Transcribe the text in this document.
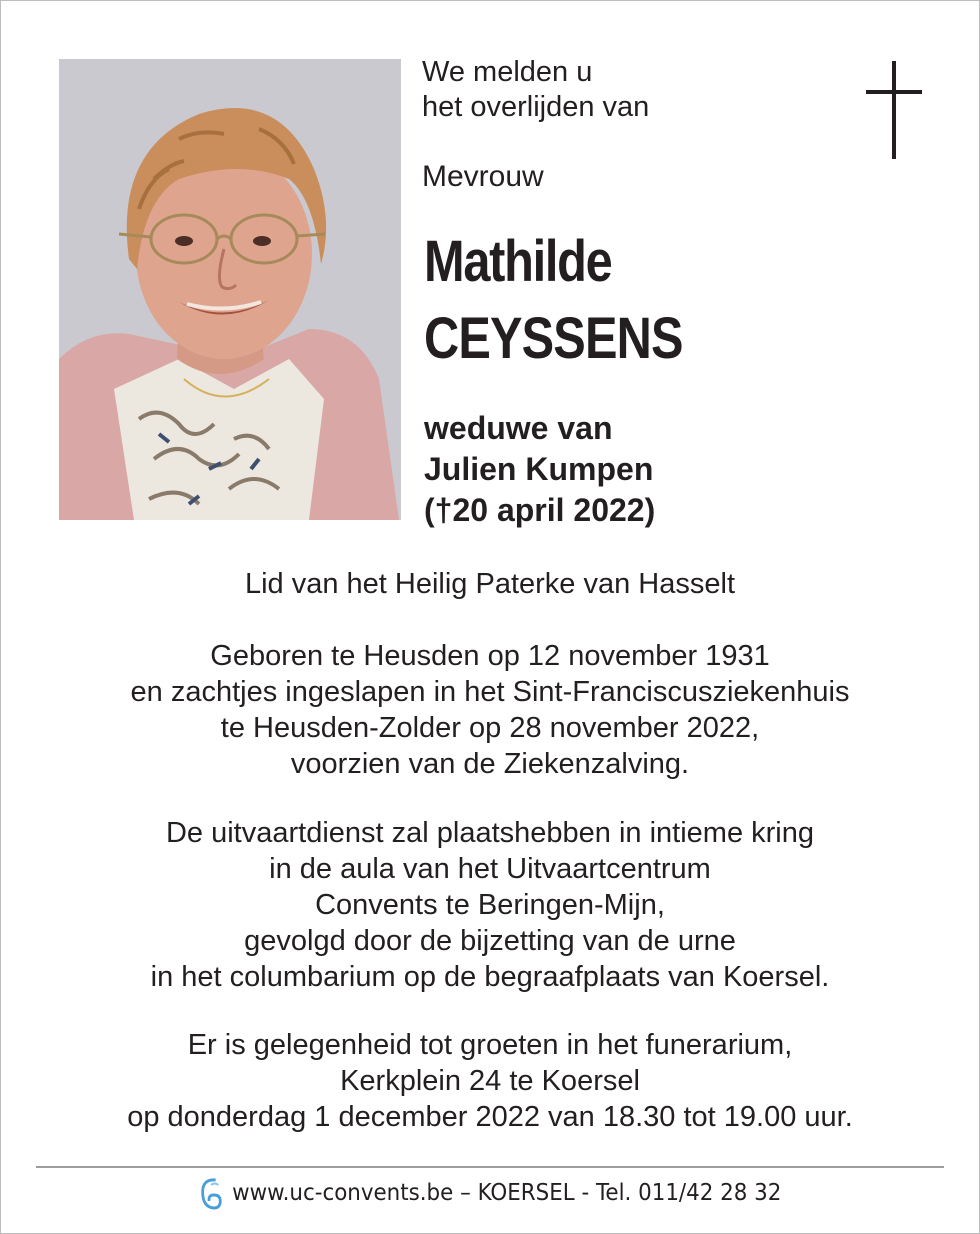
We melden u
het overlijden van
Mevrouw
Mathilde
CEYSSENS
weduwe van
Julien Kumpen
(†20 april 2022)
Lid van het Heilig Paterke van Hasselt
Geboren te Heusden op 12 november 1931
en zachtjes ingeslapen in het Sint-Franciscusziekenhuis
te Heusden-Zolder op 28 november 2022,
voorzien van de Ziekenzalving.
De uitvaartdienst zal plaatshebben in intieme kring
in de aula van het Uitvaartcentrum
Convents te Beringen-Mijn,
gevolgd door de bijzetting van de urne
in het columbarium op de begraafplaats van Koersel.
Er is gelegenheid tot groeten in het funerarium,
Kerkplein 24 te Koersel
op donderdag 1 december 2022 van 18.30 tot 19.00 uur.
www.uc-convents.be – KOERSEL - Tel. 011/42 28 32
